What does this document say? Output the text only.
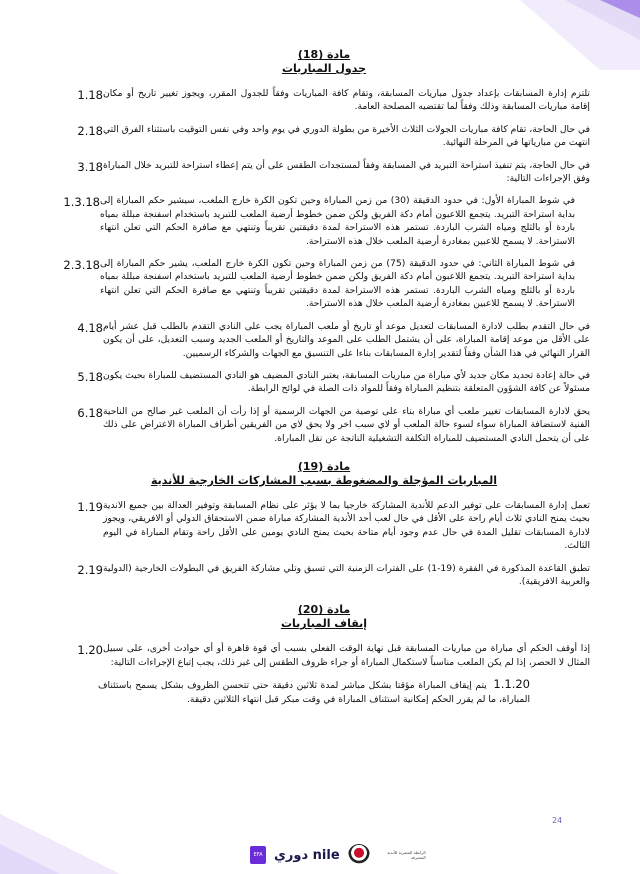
مادة (18)
جدول المباريات
تلتزم إدارة المسابقات بإعداد جدول مباريات المسابقة، وتقام كافة المباريات وفقاً للجدول المقرر، ويجوز تغيير تاريخ أو مكان إقامة مباريات المسابقة وذلك وفقاً لما تقتضيه المصلحة العامة.
1.18
في حال الحاجة، تقام كافة مباريات الجولات الثلاث الأخيرة من بطولة الدوري في يوم واحد وفي نفس التوقيت باستثناء الفرق التي انتهت من مبارياتها في المرحلة النهائية.
2.18
في حال الحاجة، يتم تنفيذ استراحة التبريد في المسابقة وفقاً لمستجدات الطقس على أن يتم إعطاء استراحة للتبريد خلال المباراة وفق الإجراءات التالية:
3.18
في شوط المباراة الأول: في حدود الدقيقة (30) من زمن المباراة وحين تكون الكرة خارج الملعب، سيشير حكم المباراة إلى بداية استراحة التبريد. يتجمع اللاعبون أمام دكة الفريق ولكن ضمن خطوط أرضية الملعب للتبريد باستخدام اسفنجة مبللة بمياه باردة أو بالثلج ومياه الشرب الباردة. تستمر هذه الاستراحة لمدة دقيقتين تقريباً وتنتهي مع صافرة الحكم التي تعلن انتهاء الاستراحة. لا يسمح للاعبين بمغادرة أرضية الملعب خلال هذه الاستراحة.
1.3.18
في شوط المباراة الثاني: في حدود الدقيقة (75) من زمن المباراة وحين تكون الكرة خارج الملعب، يشير حكم المباراة إلى بداية استراحة التبريد. يتجمع اللاعبون أمام دكة الفريق ولكن ضمن خطوط أرضية الملعب للتبريد باستخدام اسفنجة مبللة بمياه باردة أو بالثلج ومياه الشرب الباردة. تستمر هذه الاستراحة لمدة دقيقتين تقريباً وتنتهي مع صافرة الحكم التي تعلن انتهاء الاستراحة. لا يسمح للاعبين بمغادرة أرضية الملعب خلال هذه الاستراحة.
2.3.18
في حال التقدم بطلب لادارة المسابقات لتعديل موعد أو تاريخ أو ملعب المباراة يجب على النادي التقدم بالطلب قبل عشر أيام على الأقل من موعد إقامة المباراة، على أن يشتمل الطلب على الموعد والتاريخ أو الملعب الجديد وسبب التعديل، على أن يكون القرار النهائي في هذا الشأن وفقاً لتقدير إدارة المسابقات بناءا على التنسيق مع الجهات والشركاء الرسميين.
4.18
في حالة إعادة تحديد مكان جديد لأي مباراة من مباريات المسابقة، يعتبر النادي المضيف هو النادي المستضيف للمباراة بحيث يكون مسئولاً عن كافة الشؤون المتعلقة بتنظيم المباراة وفقاً للمواد ذات الصلة في لوائح الرابطة.
5.18
يحق لادارة المسابقات تغيير ملعب أي مباراة بناء على توصية من الجهات الرسمية أو إذا رأت أن الملعب غير صالح من الناحية الفنية لاستضافة المباراة سواء لسوء حالة الملعب أو لاي سبب اخر ولا يحق لاي من الفريقين أطراف المباراة الاعتراض على ذلك على أن يتحمل النادي المستضيف للمباراة التكلفة التشغيلية الناتجة عن نقل المباراة.
6.18
مادة (19)
المباريات المؤجلة والمضغوطة بسبب المشاركات الخارجية للأندية
تعمل إدارة المسابقات على توفير الدعم للأندية المشاركة خارجيا بما لا يؤثر على نظام المسابقة وتوفير العدالة بين جميع الاندية بحيث يمنح النادي ثلاث أيام راحة على الأقل في حال لعب أحد الأندية المشاركة مباراة ضمن الاستحقاق الدولي أو الافريقي، ويجوز لادارة المسابقات تقليل المدة في حال عدم وجود أيام متاحة بحيث يمنح النادي يومين على الأقل راحة وتقام المباراة في اليوم الثالث.
1.19
تطبق القاعدة المذكورة في الفقرة (19-1) على الفترات الزمنية التي تسبق وتلي مشاركة الفريق في البطولات الخارجية (الدولية والعربية الافريقية).
2.19
مادة (20)
إيقاف المباريات
إذا أوقف الحكم أي مباراة من مباريات المسابقة قبل نهاية الوقت الفعلي بسبب أي قوة قاهرة أو أي حوادث أخرى، على سبيل المثال لا الحصر، إذا لم يكن الملعب مناسباً لاستكمال المباراة أو جراء ظروف الطقس إلى غير ذلك، يجب إتباع الإجراءات التالية:
1.20
1.1.20 يتم إيقاف المباراة مؤقتا بشكل مباشر لمدة ثلاثين دقيقة حتى تتحسن الظروف بشكل يسمح باستئناف المباراة، ما لم يقرر الحكم إمكانية استئناف المباراة في وقت مبكر قبل انتهاء الثلاثين دقيقة.
24
EFA دوري nile	الرابطة المصرية للأندية المحترفة
